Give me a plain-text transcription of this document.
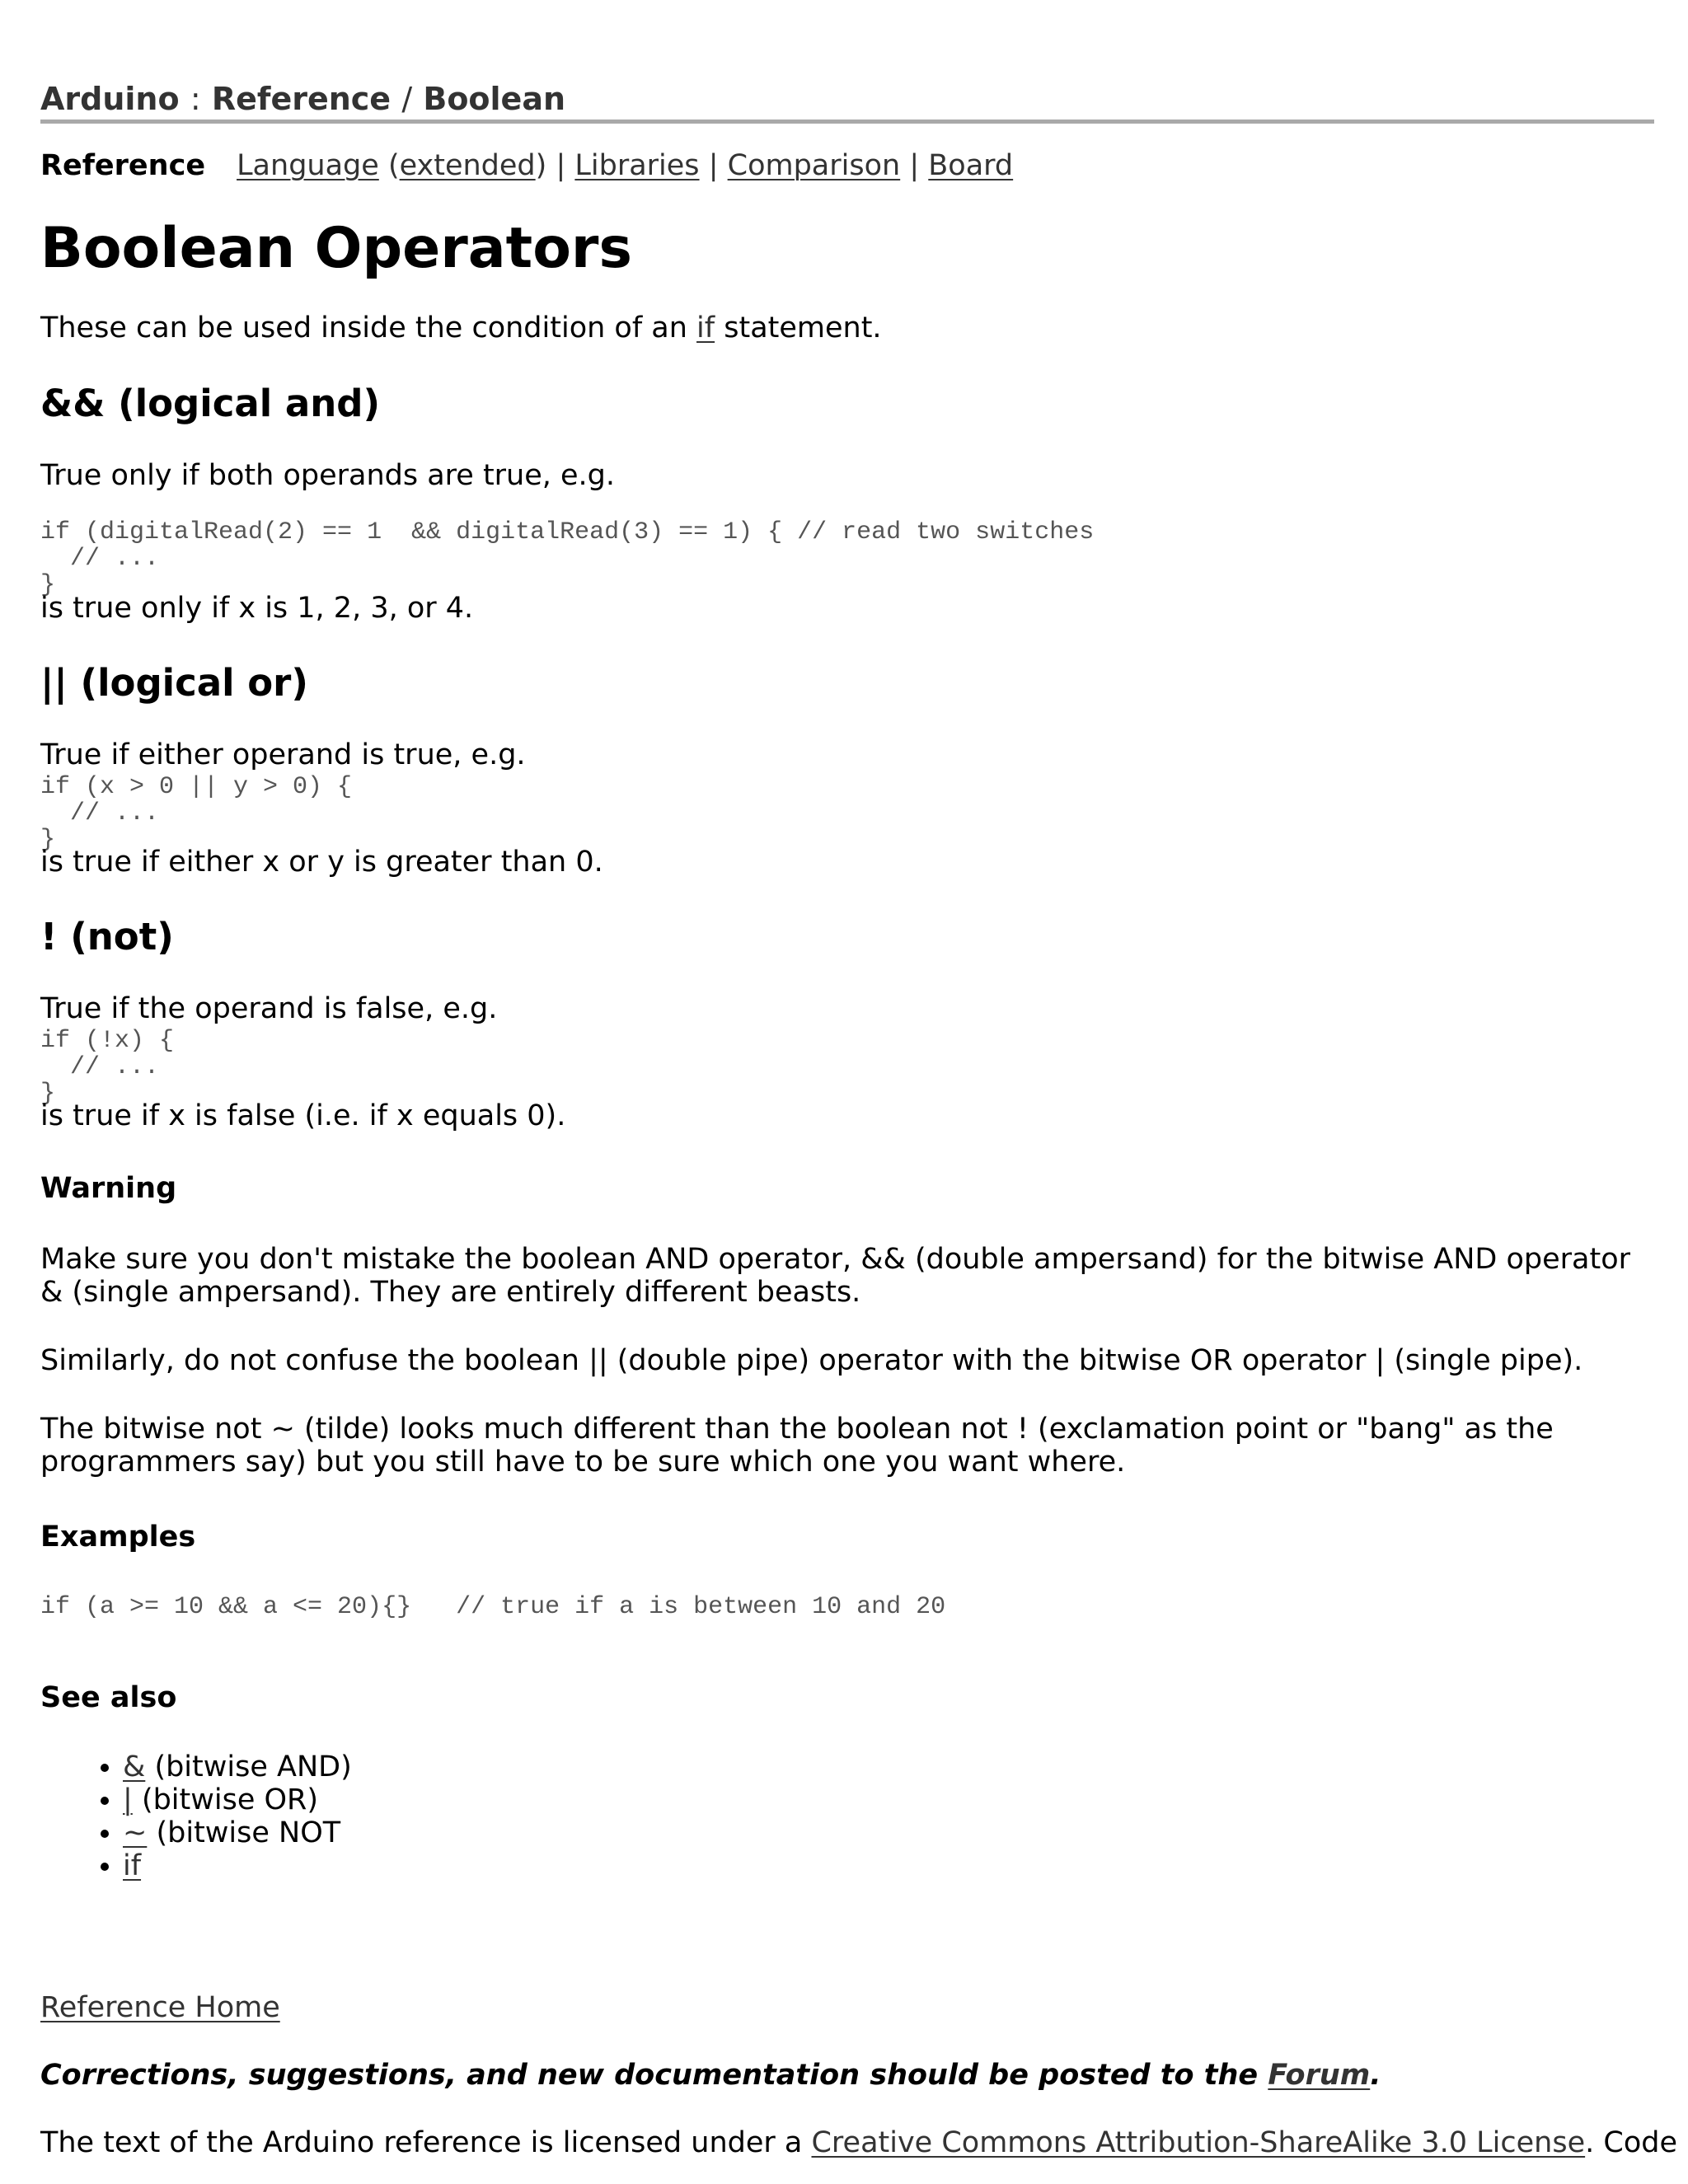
Arduino : Reference / Boolean
Reference Language (extended) | Libraries | Comparison | Board
Boolean Operators

These can be used inside the condition of an if statement.

&& (logical and)

True only if both operands are true, e.g.

if (digitalRead(2) == 1  && digitalRead(3) == 1) { // read two switches
// ...
}

is true only if x is 1, 2, 3, or 4.

|| (logical or)

True if either operand is true, e.g.

if (x > 0 || y > 0) {
// ...
}

is true if either x or y is greater than 0.

! (not)

True if the operand is false, e.g.

if (!x) {
// ...
}

is true if x is false (i.e. if x equals 0).

Warning

Make sure you don't mistake the boolean AND operator, && (double ampersand) for the bitwise AND operator & (single ampersand). They are entirely different beasts.

Similarly, do not confuse the boolean || (double pipe) operator with the bitwise OR operator | (single pipe).

The bitwise not ~ (tilde) looks much different than the boolean not ! (exclamation point or "bang" as the programmers say) but you still have to be sure which one you want where.

Examples
if (a >= 10 && a <= 20){}   // true if a is between 10 and 20
See also
• & (bitwise AND)
• | (bitwise OR)
• ~ (bitwise NOT
• if

Reference Home

Corrections, suggestions, and new documentation should be posted to the Forum.

The text of the Arduino reference is licensed under a Creative Commons Attribution-ShareAlike 3.0 License. Code
